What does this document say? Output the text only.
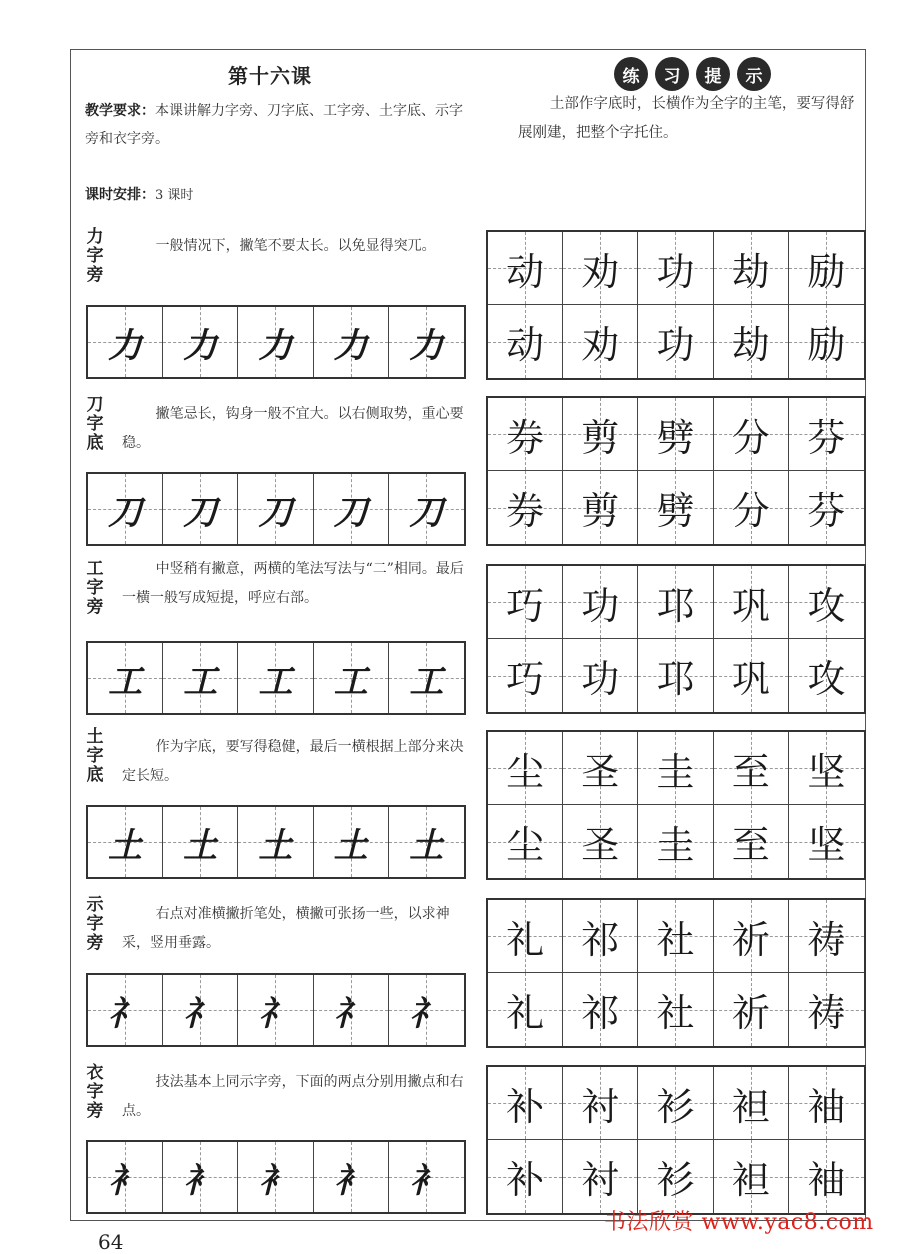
第十六课
教学要求：本课讲解力字旁、刀字底、工字旁、土字底、示字旁和衣字旁。
课时安排：3 课时
练	习	提	示
土部作字底时，长横作为全字的主笔，要写得舒展刚建，把整个字托住。
力
字
旁
一般情况下，撇笔不要太长。以免显得突兀。
力 力 力 力 力
动 劝 功 劫 励
动 劝 功 劫 励
刀
字
底
撇笔忌长，钩身一般不宜大。以右侧取势，重心要稳。
刀 刀 刀 刀 刀
券 剪 劈 分 芬
券 剪 劈 分 芬
工
字
旁
中竖稍有撇意，两横的笔法写法与“二”相同。最后一横一般写成短提，呼应右部。
工 工 工 工 工
巧 功 邛 巩 攻
巧 功 邛 巩 攻
土
字
底
作为字底，要写得稳健，最后一横根据上部分来决定长短。
土 土 土 土 土
尘 圣 圭 至 坚
尘 圣 圭 至 坚
示
字
旁
右点对准横撇折笔处，横撇可张扬一些，以求神采，竖用垂露。
礻 礻 礻 礻 礻
礼 祁 社 祈 祷
礼 祁 社 祈 祷
衣
字
旁
技法基本上同示字旁，下面的两点分别用撇点和右点。
衤 衤 衤 衤 衤
补 衬 衫 袒 袖
补 衬 衫 袒 袖
64
书法欣赏 www.yac8.com
